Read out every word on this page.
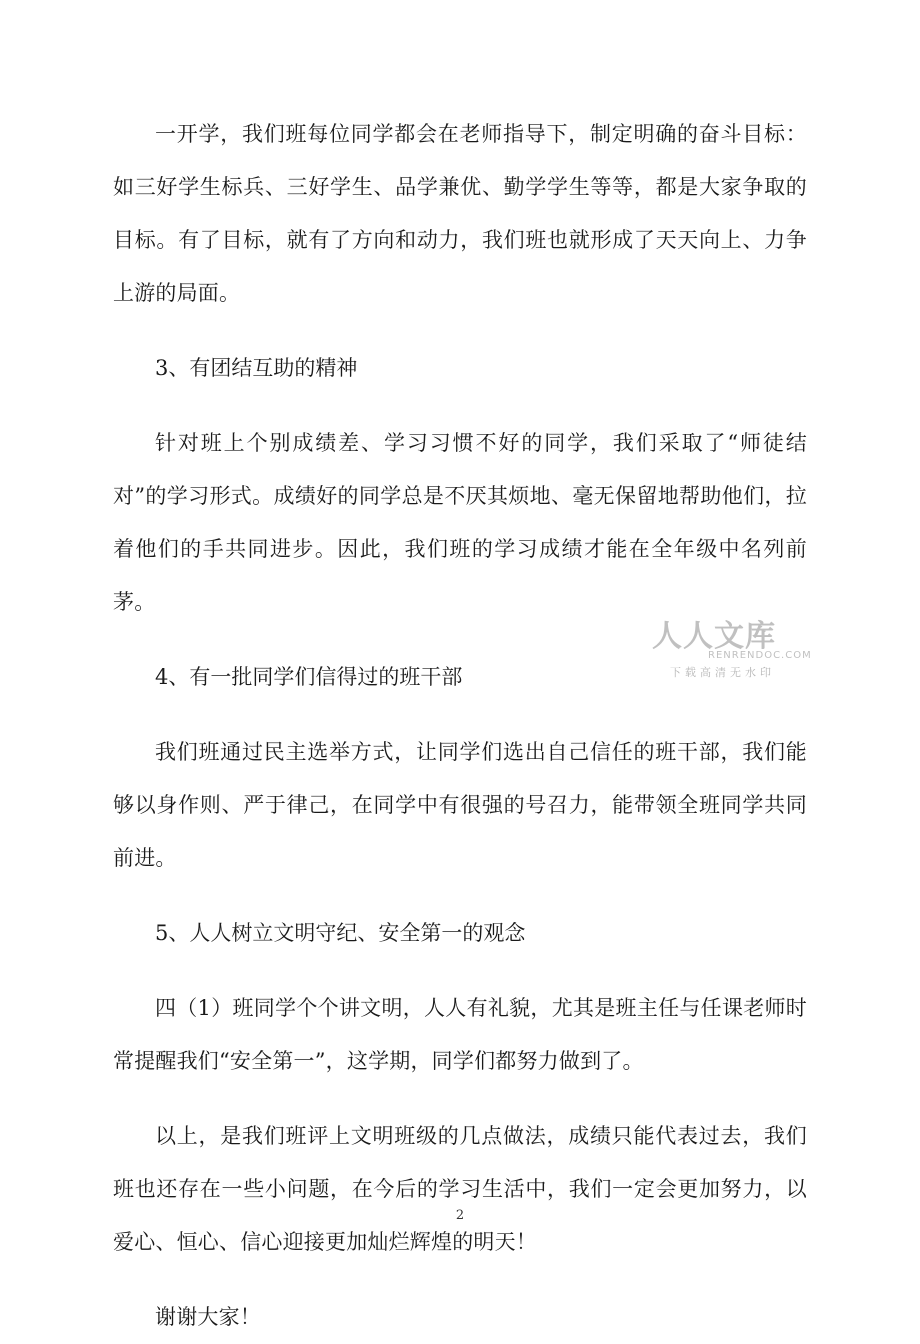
一开学，我们班每位同学都会在老师指导下，制定明确的奋斗目标：如三好学生标兵、三好学生、品学兼优、勤学学生等等，都是大家争取的目标。有了目标，就有了方向和动力，我们班也就形成了天天向上、力争上游的局面。

3、有团结互助的精神

针对班上个别成绩差、学习习惯不好的同学，我们采取了“师徒结对”的学习形式。成绩好的同学总是不厌其烦地、毫无保留地帮助他们，拉着他们的手共同进步。因此，我们班的学习成绩才能在全年级中名列前茅。

4、有一批同学们信得过的班干部

我们班通过民主选举方式，让同学们选出自己信任的班干部，我们能够以身作则、严于律己，在同学中有很强的号召力，能带领全班同学共同前进。

5、人人树立文明守纪、安全第一的观念

四（1）班同学个个讲文明，人人有礼貌，尤其是班主任与任课老师时常提醒我们“安全第一”，这学期，同学们都努力做到了。

以上，是我们班评上文明班级的几点做法，成绩只能代表过去，我们班也还存在一些小问题，在今后的学习生活中，我们一定会更加努力，以爱心、恒心、信心迎接更加灿烂辉煌的明天！

谢谢大家！

人人文库
RENRENDOC.COM
下载高清无水印
2
